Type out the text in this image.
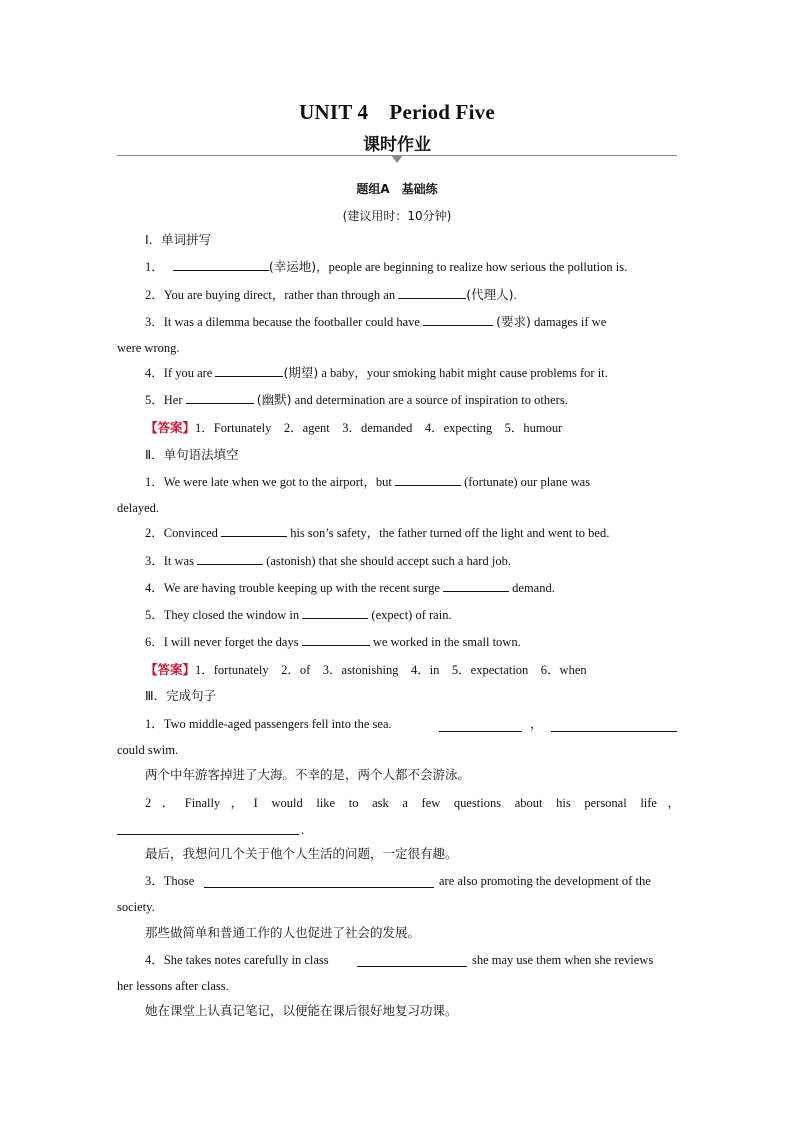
UNIT 4　Period Five
课时作业
题组A　基础练
(建议用时：10分钟)
Ⅰ．单词拼写
1．	(幸运地)，people are beginning to realize how serious the pollution is.
2．You are buying direct，rather than through an	(代理人).
3．It was a dilemma because the footballer could have	(要求) damages if we
were wrong.
4．If you are	(期望) a baby，your smoking habit might cause problems for it.
5．Her	(幽默) and determination are a source of inspiration to others.
【答案】1．Fortunately　2．agent　3．demanded　4．expecting　5．humour
Ⅱ．单句语法填空
1．We were late when we got to the airport，but	(fortunate) our plane was
delayed.
2．Convinced	his son’s safety，the father turned off the light and went to bed.
3．It was	(astonish) that she should accept such a hard job.
4．We are having trouble keeping up with the recent surge	demand.
5．They closed the window in	(expect) of rain.
6．I will never forget the days	we worked in the small town.
【答案】1．fortunately　2．of　3．astonishing　4．in　5．expectation　6．when
Ⅲ．完成句子
1．Two middle-aged passengers fell into the sea.	，
could swim.
两个中年游客掉进了大海。不幸的是，两个人都不会游泳。
2．Finally，I would like to ask a few questions about his personal life，
.
最后，我想问几个关于他个人生活的问题，一定很有趣。
3．Those	are also promoting the development of the
society.
那些做简单和普通工作的人也促进了社会的发展。
4．She takes notes carefully in class	she may use them when she reviews
her lessons after class.
她在课堂上认真记笔记，以便能在课后很好地复习功课。
